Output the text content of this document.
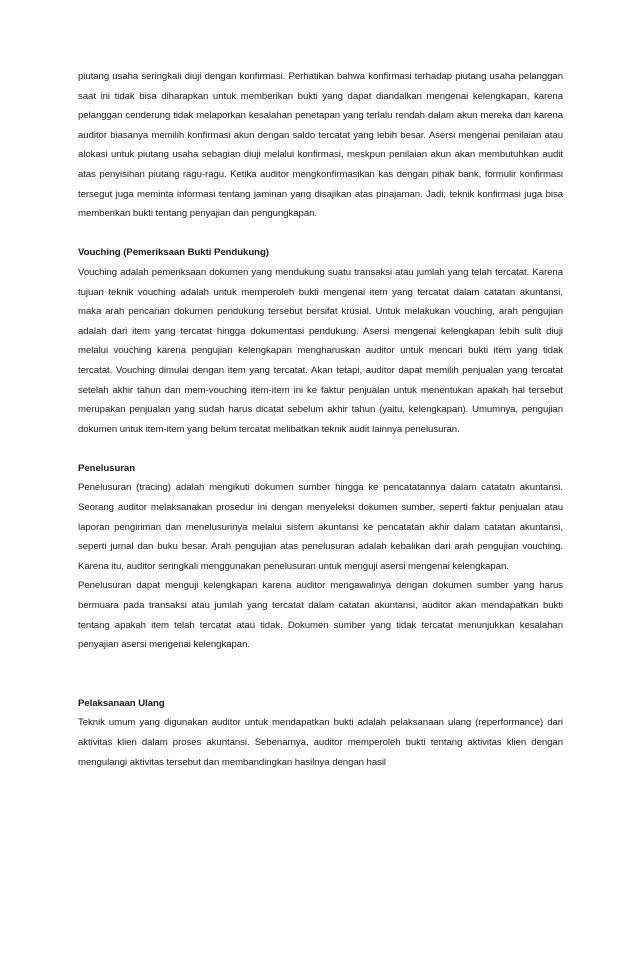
piutang usaha seringkali diuji dengan konfirmasi. Perhatikan bahwa konfirmasi terhadap piutang usaha pelanggan saat ini tidak bisa diharapkan untuk memberikan bukti yang dapat diandalkan mengenai kelengkapan, karena pelanggan cenderung tidak melaporkan kesalahan penetapan yang terlalu rendah dalam akun mereka dan karena auditor biasanya memilih konfirmasi akun dengan saldo tercatat yang lebih besar. Asersi mengenai penilaian atau alokasi untuk piutang usaha sebagian diuji melalui konfirmasi, meskpun penilaian akun akan membutuhkan audit atas penyisihan piutang ragu-ragu. Ketika auditor mengkonfirmasikan kas dengan pihak bank, formulir konfirmasi tersegut juga meminta informasi tentang jaminan yang disajikan atas pinajaman. Jadi, teknik konfirmasi juga bisa memberikan bukti tentang penyajian dan pengungkapan.

Vouching (Pemeriksaan Bukti Pendukung)

Vouching adalah pemeriksaan dokumen yang mendukung suatu transaksi atau jumlah yang telah tercatat. Karena tujuan teknik vouching adalah untuk memperoleh bukti mengenai item yang tercatat dalam catatan akuntansi, maka arah pencarian dokumen pendukung tersebut bersifat krusial. Untuk melakukan vouching, arah pengujian adalah dari item yang tercatat hingga dokumentasi pendukung. Asersi mengenai kelengkapan lebih sulit diuji melalui vouching karena pengujian kelengkapan mengharuskan auditor untuk mencari bukti item yang tidak tercatat. Vouching dimulai dengan item yang tercatat. Akan tetapi, auditor dapat memilih penjualan yang tercatat setelah akhir tahun dan mem-vouching item-item ini ke faktur penjualan untuk menentukan apakah hal tersebut merupakan penjualan yang sudah harus dicatat sebelum akhir tahun (yaitu, kelengkapan). Umumnya, pengujian dokumen untuk item-item yang belum tercatat melibatkan teknik audit lainnya penelusuran.

Penelusuran

Penelusuran (tracing) adalah mengikuti dokumen sumber hingga ke pencatatannya dalam catatatn akuntansi. Seorang auditor melaksanakan prosedur ini dengan menyeleksi dokumen sumber, seperti faktur penjualan atau laporan pengiriman dan menelusurinya melalui sistem akuntansi ke pencatatan akhir dalam catatan akuntansi, seperti jurnal dan buku besar. Arah pengujian atas penelusuran adalah kebalikan dari arah pengujian vouching. Karena itu, auditor seringkali menggunakan penelusuran untuk menguji asersi mengenai kelengkapan.

Penelusuran dapat menguji kelengkapan karena auditor mengawalinya dengan dokumen sumber yang harus bermuara pada transaksi atau jumlah yang tercatat dalam catatan akuntansi, auditor akan mendapatkan bukti tentang apakah item telah tercatat atau tidak. Dokumen sumber yang tidak tercatat menunjukkan kesalahan penyajian asersi mengenai kelengkapan.

Pelaksanaan Ulang

Teknik umum yang digunakan auditor untuk mendapatkan bukti adalah pelaksanaan ulang (reperformance) dari aktivitas klien dalam proses akuntansi. Sebenarnya, auditor memperoleh bukti tentang aktivitas klien dengan mengulangi aktivitas tersebut dan membandingkan hasilnya dengan hasil
